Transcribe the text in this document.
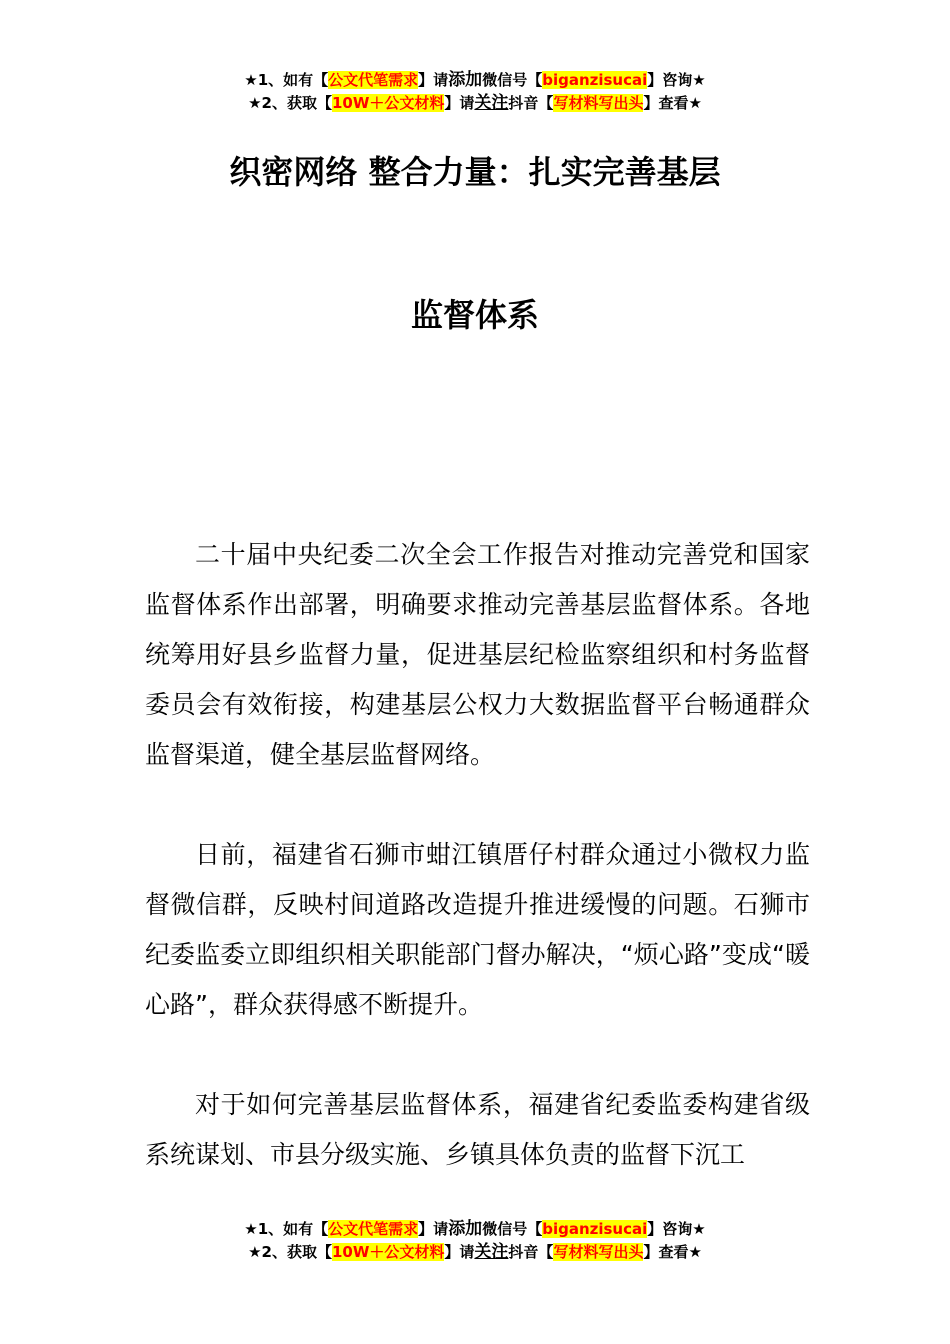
★1、如有【公文代笔需求】请添加微信号【biganzisucai】咨询★
★2、获取【10W＋公文材料】请关注抖音【写材料写出头】查看★
织密网络 整合力量：扎实完善基层
监督体系

二十届中央纪委二次全会工作报告对推动完善党和国家监督体系作出部署，明确要求推动完善基层监督体系。各地统筹用好县乡监督力量，促进基层纪检监察组织和村务监督委员会有效衔接，构建基层公权力大数据监督平台畅通群众监督渠道，健全基层监督网络。

日前，福建省石狮市蚶江镇厝仔村群众通过小微权力监督微信群，反映村间道路改造提升推进缓慢的问题。石狮市纪委监委立即组织相关职能部门督办解决，“烦心路”变成“暖心路”，群众获得感不断提升。

对于如何完善基层监督体系，福建省纪委监委构建省级系统谋划、市县分级实施、乡镇具体负责的监督下沉工

★1、如有【公文代笔需求】请添加微信号【biganzisucai】咨询★
★2、获取【10W＋公文材料】请关注抖音【写材料写出头】查看★
